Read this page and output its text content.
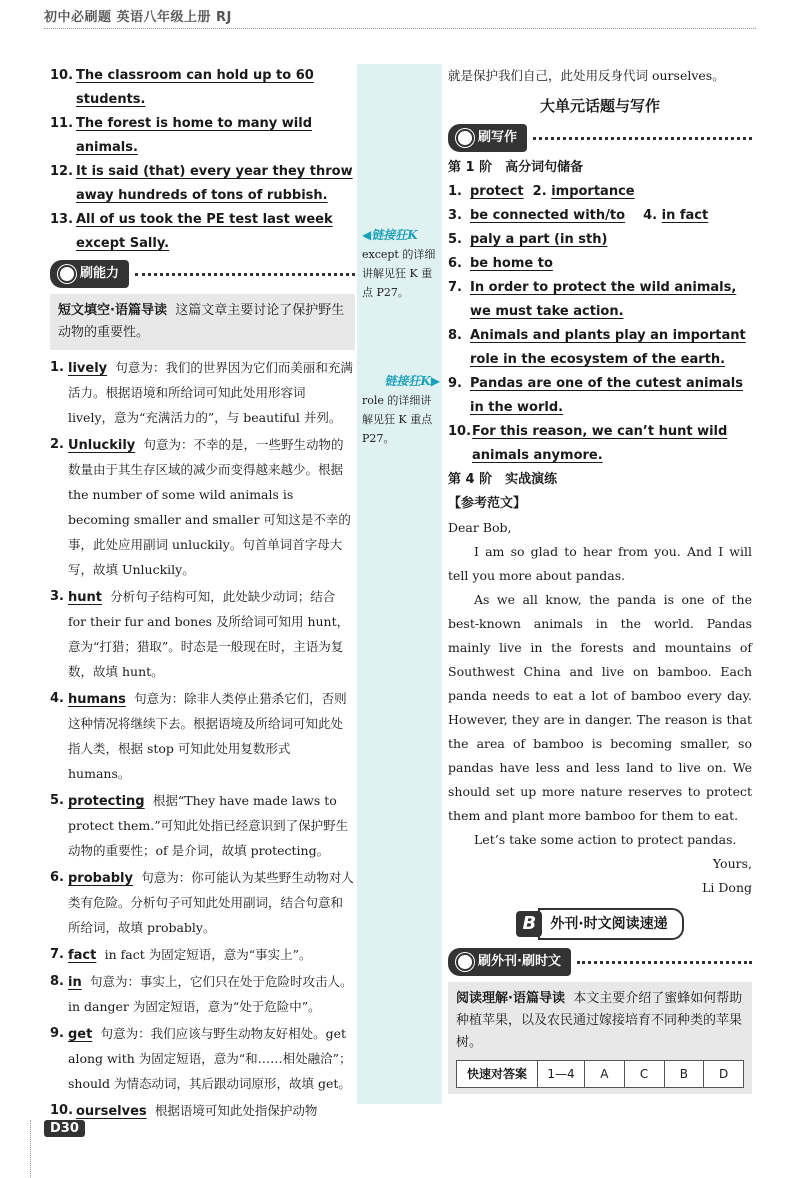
初中必刷题 英语八年级上册 RJ
◀链接狂K
except 的详细讲解见狂 K 重点 P27。
链接狂K▶
role 的详细讲解见狂 K 重点 P27。
10. The classroom can hold up to 60 students.
11. The forest is home to many wild animals.
12. It is said (that) every year they throw away hundreds of tons of rubbish.
13. All of us took the PE test last week except Sally.
刷能力
短文填空·语篇导读 这篇文章主要讨论了保护野生动物的重要性。
1. lively 句意为：我们的世界因为它们而美丽和充满活力。根据语境和所给词可知此处用形容词 lively，意为“充满活力的”，与 beautiful 并列。
2. Unluckily 句意为：不幸的是，一些野生动物的数量由于其生存区域的减少而变得越来越少。根据 the number of some wild animals is becoming smaller and smaller 可知这是不幸的事，此处应用副词 unluckily。句首单词首字母大写，故填 Unluckily。
3. hunt 分析句子结构可知，此处缺少动词；结合 for their fur and bones 及所给词可知用 hunt，意为“打猎；猎取”。时态是一般现在时，主语为复数，故填 hunt。
4. humans 句意为：除非人类停止猎杀它们，否则这种情况将继续下去。根据语境及所给词可知此处指人类，根据 stop 可知此处用复数形式 humans。
5. protecting 根据“They have made laws to protect them.”可知此处指已经意识到了保护野生动物的重要性；of 是介词，故填 protecting。
6. probably 句意为：你可能认为某些野生动物对人类有危险。分析句子可知此处用副词，结合句意和所给词，故填 probably。
7. fact in fact 为固定短语，意为“事实上”。
8. in 句意为：事实上，它们只在处于危险时攻击人。in danger 为固定短语，意为“处于危险中”。
9. get 句意为：我们应该与野生动物友好相处。get along with 为固定短语，意为“和……相处融洽”；should 为情态动词，其后跟动词原形，故填 get。
10. ourselves 根据语境可知此处指保护动物
就是保护我们自己，此处用反身代词 ourselves。
大单元话题与写作
刷写作
第 1 阶　高分词句储备
1. protect
2.
importance
3. be connected with/to
4.
in fact
5. paly a part (in sth)
6. be home to
7. In order to protect the wild animals, we must take action.
8. Animals and plants play an important role in the ecosystem of the earth.
9. Pandas are one of the cutest animals in the world.
10. For this reason, we can’t hunt wild animals anymore.
第 4 阶　实战演练
【参考范文】
Dear Bob,
I am so glad to hear from you. And I will tell you more about pandas.
As we all know, the panda is one of the best-known animals in the world. Pandas mainly live in the forests and mountains of Southwest China and live on bamboo. Each panda needs to eat a lot of bamboo every day. However, they are in danger. The reason is that the area of bamboo is becoming smaller, so pandas have less and less land to live on. We should set up more nature reserves to protect them and plant more bamboo for them to eat.
Let’s take some action to protect pandas.
Yours,
Li Dong
B	外刊·时文阅读速递
刷外刊·刷时文
阅读理解·语篇导读 本文主要介绍了蜜蜂如何帮助种植苹果，以及农民通过嫁接培育不同种类的苹果树。
快速对答案	1—4	A	C	B	D
D30
